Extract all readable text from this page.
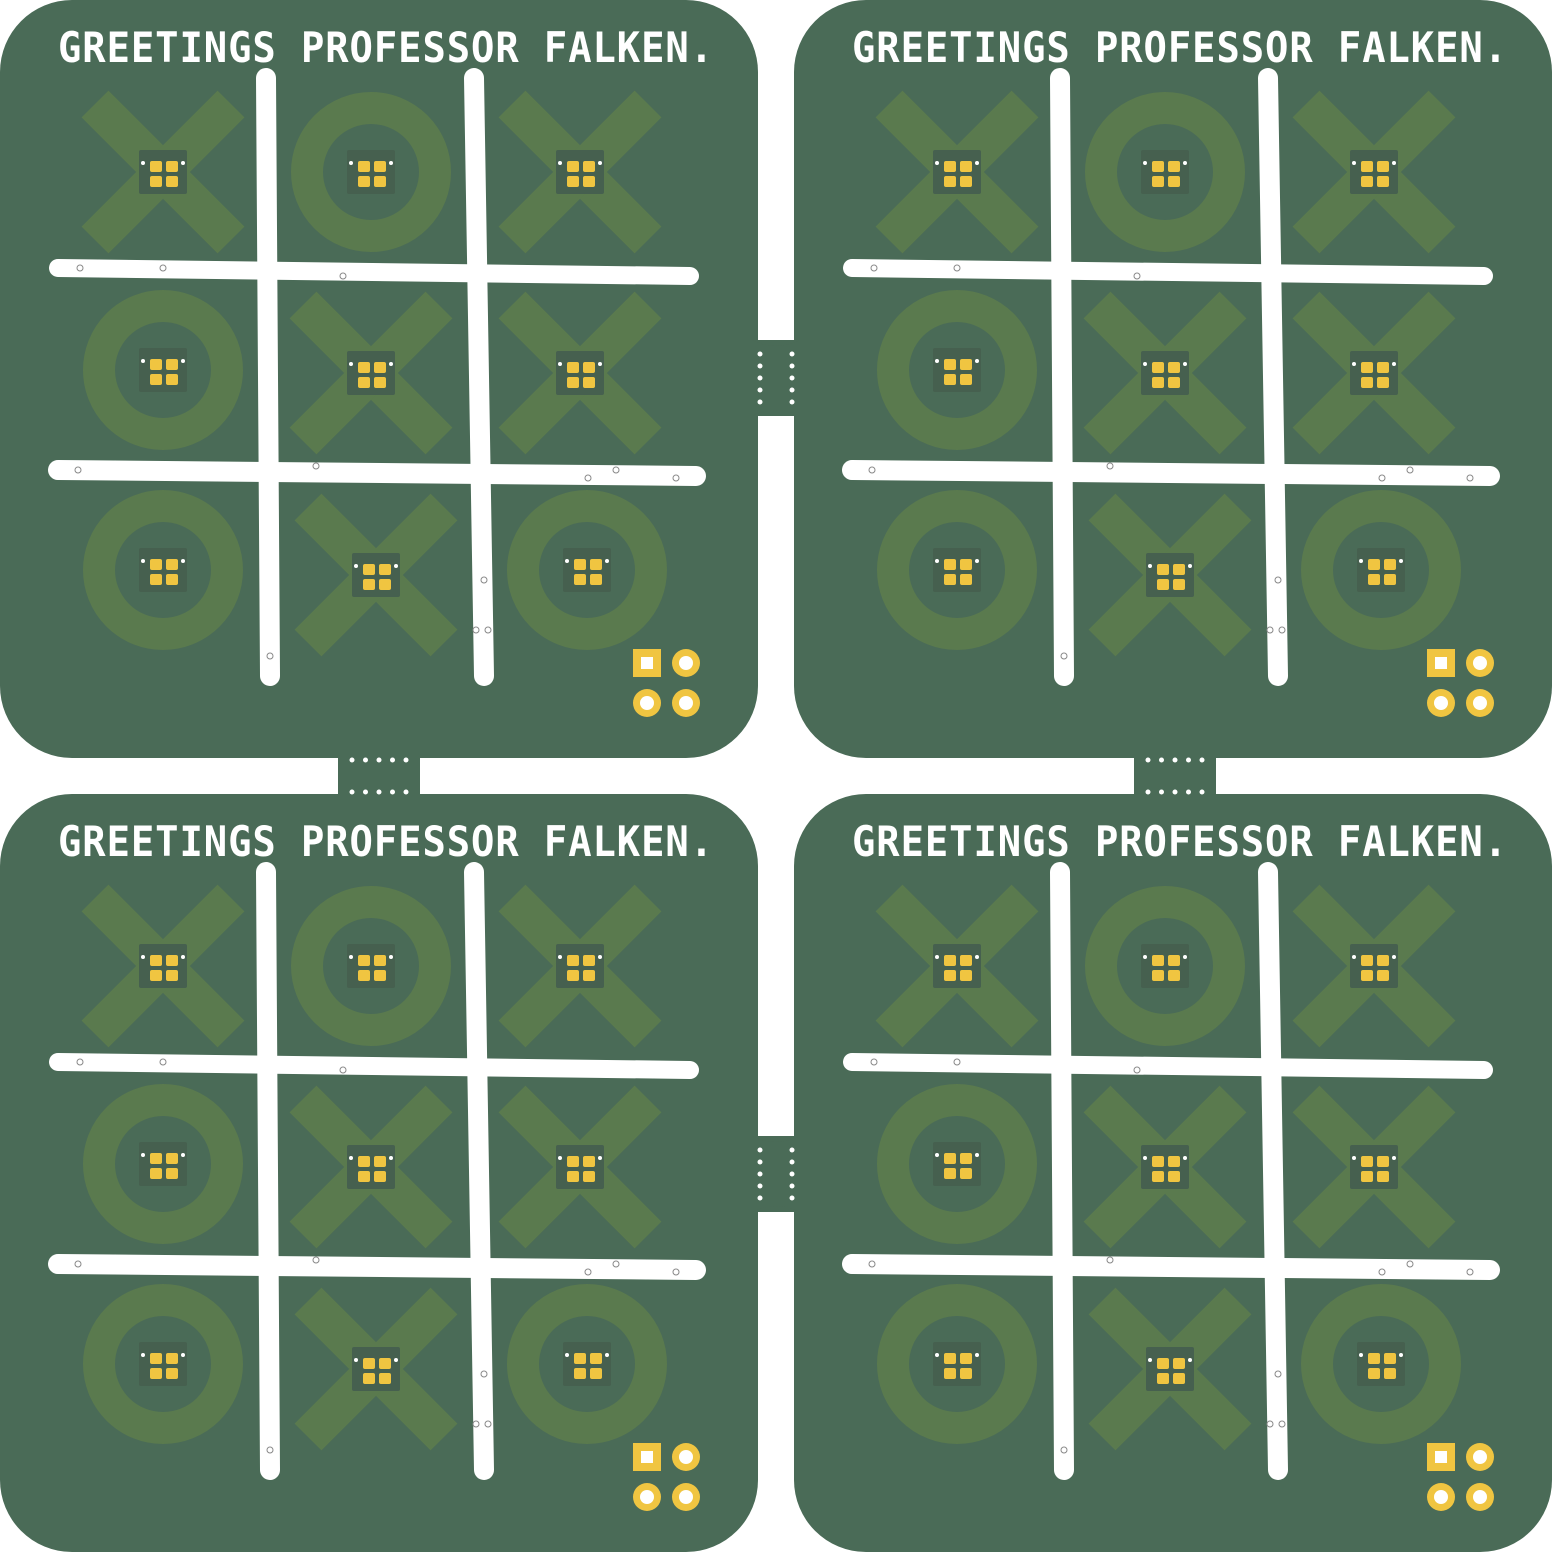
GREETINGS PROFESSOR FALKEN.	GREETINGS PROFESSOR FALKEN.
GREETINGS PROFESSOR FALKEN.	GREETINGS PROFESSOR FALKEN.
